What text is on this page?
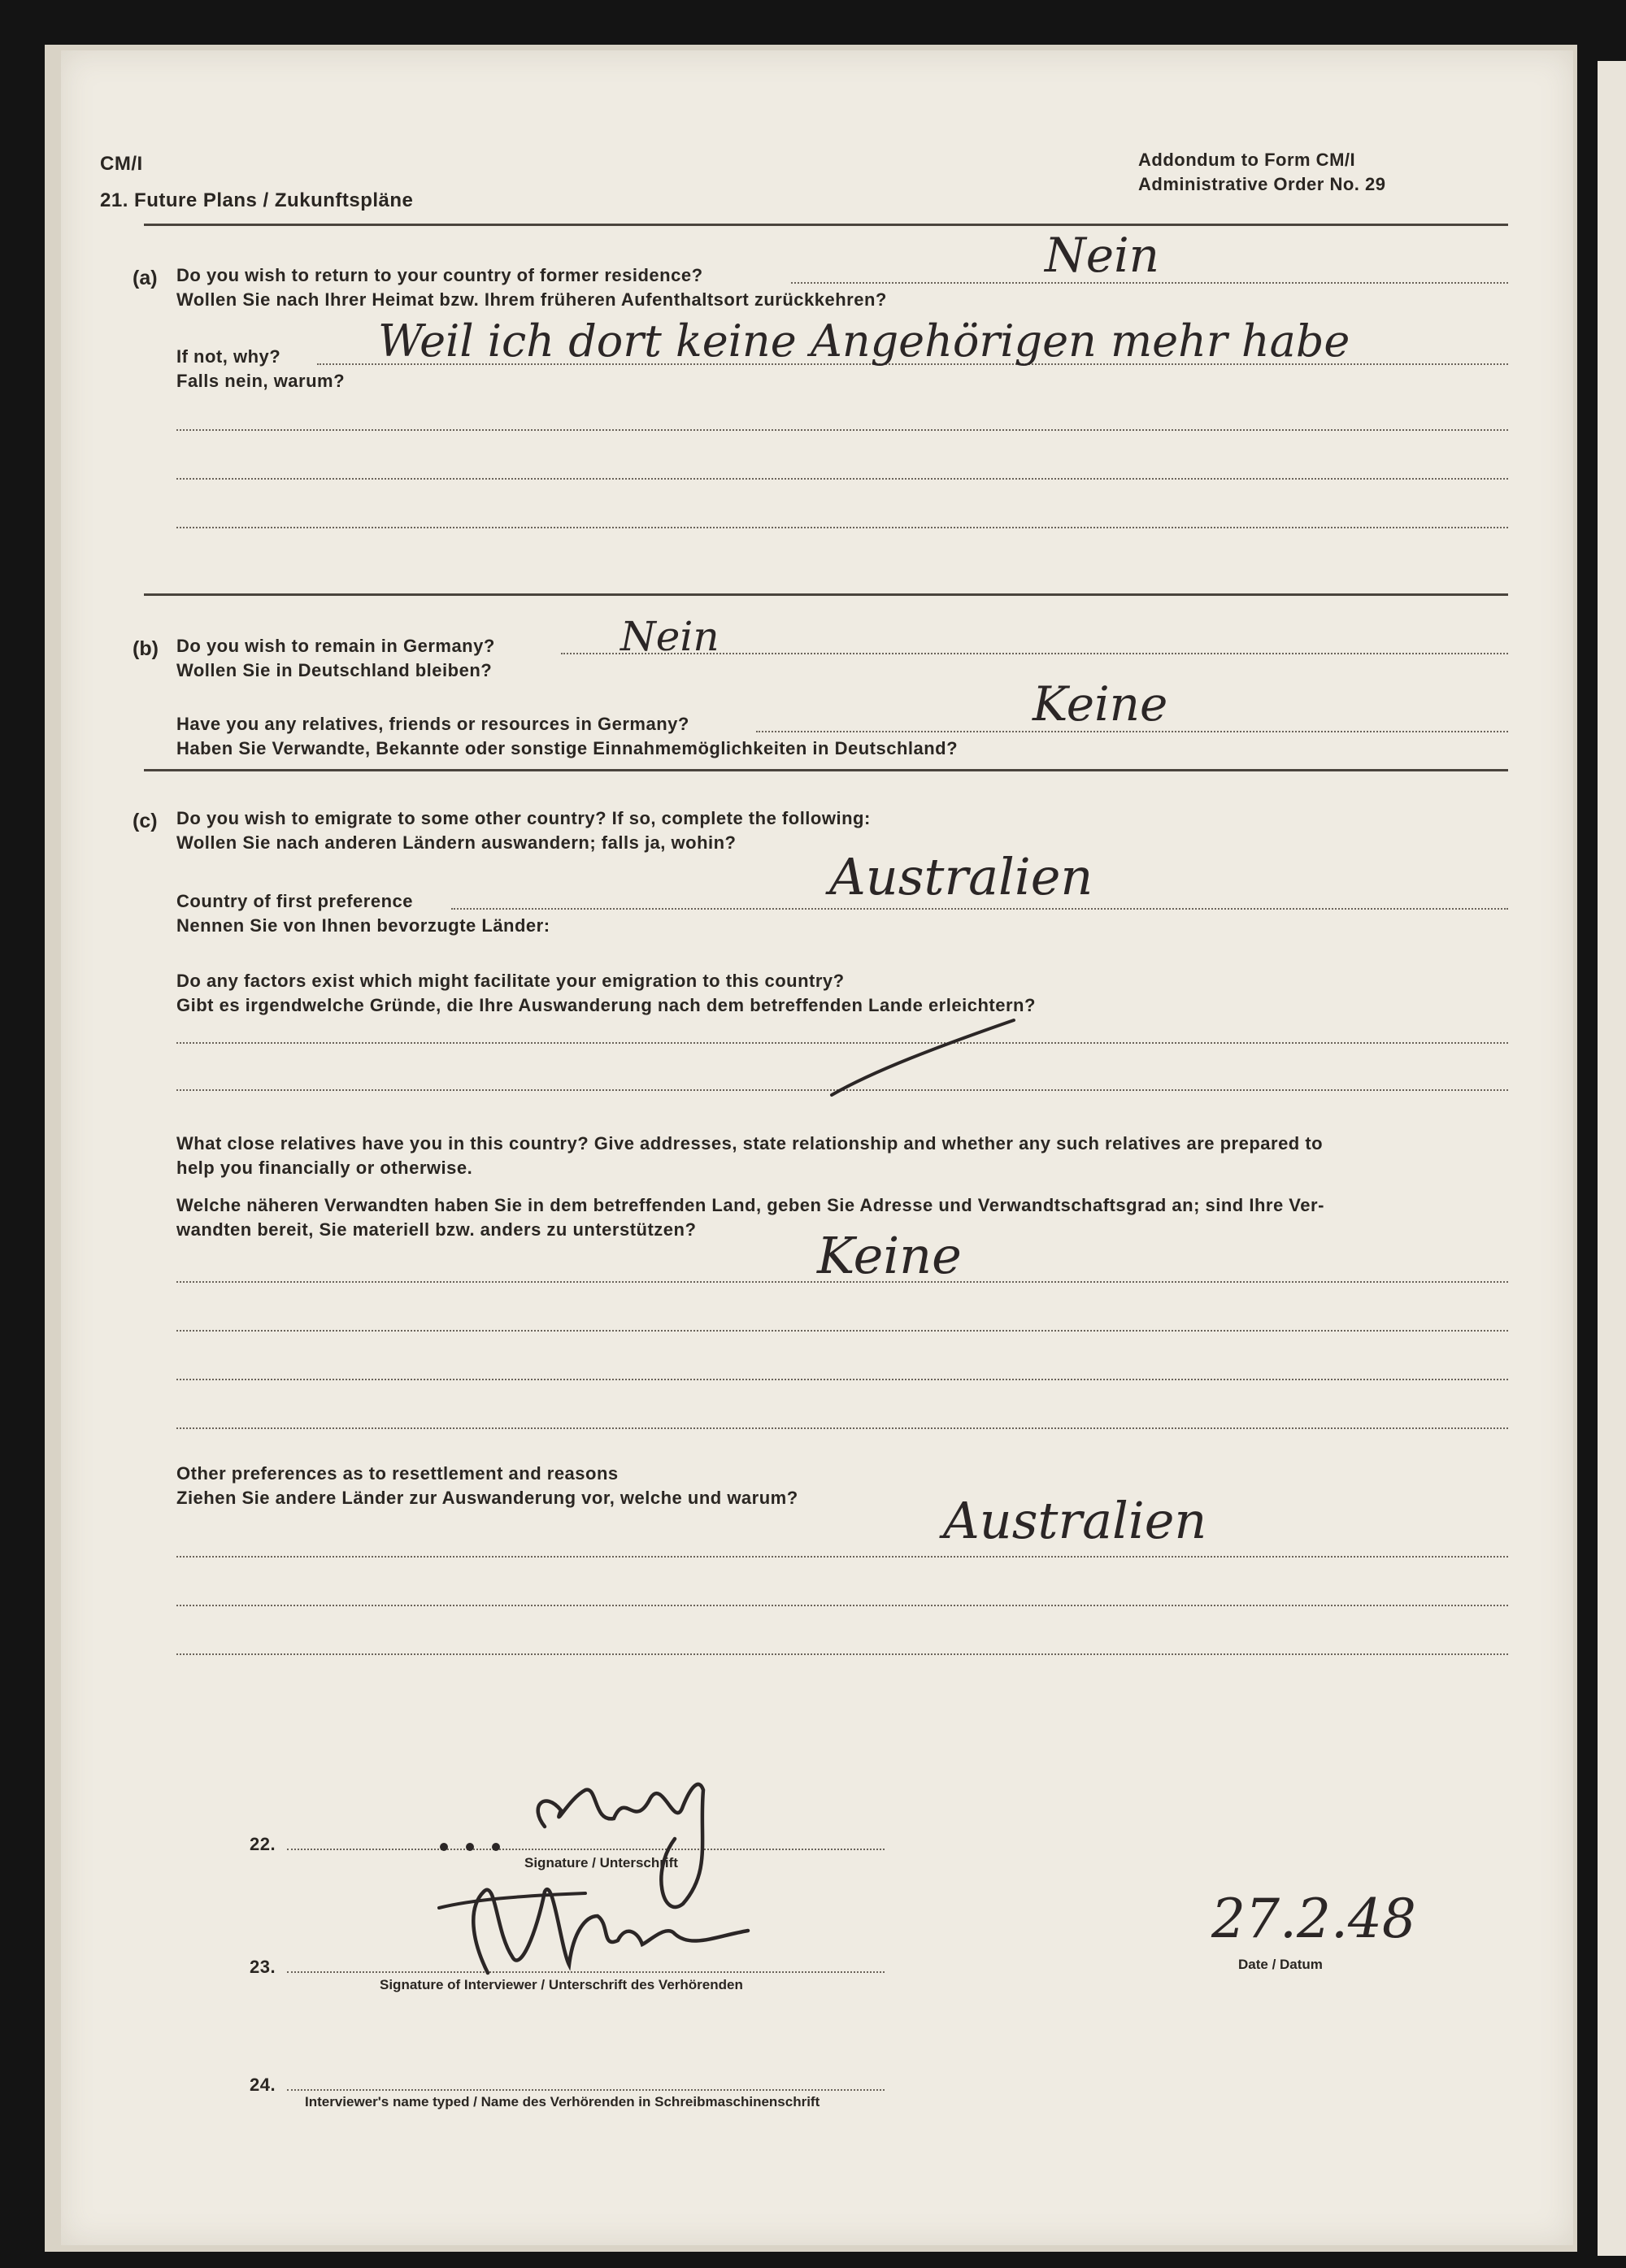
CM/I
21. Future Plans / Zukunftspläne
Addondum to Form CM/I
Administrative Order No. 29
(a) Do you wish to return to your country of former residence?
Wollen Sie nach Ihrer Heimat bzw. Ihrem früheren Aufenthaltsort zurückkehren?
Nein
If not, why?
Falls nein, warum?
Weil ich dort keine Angehörigen mehr habe
(b) Do you wish to remain in Germany?
Wollen Sie in Deutschland bleiben?
Nein
Have you any relatives, friends or resources in Germany?
Haben Sie Verwandte, Bekannte oder sonstige Einnahmemöglichkeiten in Deutschland?
Keine
(c) Do you wish to emigrate to some other country? If so, complete the following:
Wollen Sie nach anderen Ländern auswandern; falls ja, wohin?
Country of first preference
Nennen Sie von Ihnen bevorzugte Länder:
Australien
Do any factors exist which might facilitate your emigration to this country?
Gibt es irgendwelche Gründe, die Ihre Auswanderung nach dem betreffenden Lande erleichtern?
What close relatives have you in this country? Give addresses, state relationship and whether any such relatives are prepared to
help you financially or otherwise.
Welche näheren Verwandten haben Sie in dem betreffenden Land, geben Sie Adresse und Verwandtschaftsgrad an; sind Ihre Ver-
wandten bereit, Sie materiell bzw. anders zu unterstützen? Keine
Other preferences as to resettlement and reasons
Ziehen Sie andere Länder zur Auswanderung vor, welche und warum?	Australien
22.
Signature / Unterschrift
23.
Signature of Interviewer / Unterschrift des Verhörenden
27.2.48
Date / Datum
24.
Interviewer's name typed / Name des Verhörenden in Schreibmaschinenschrift
